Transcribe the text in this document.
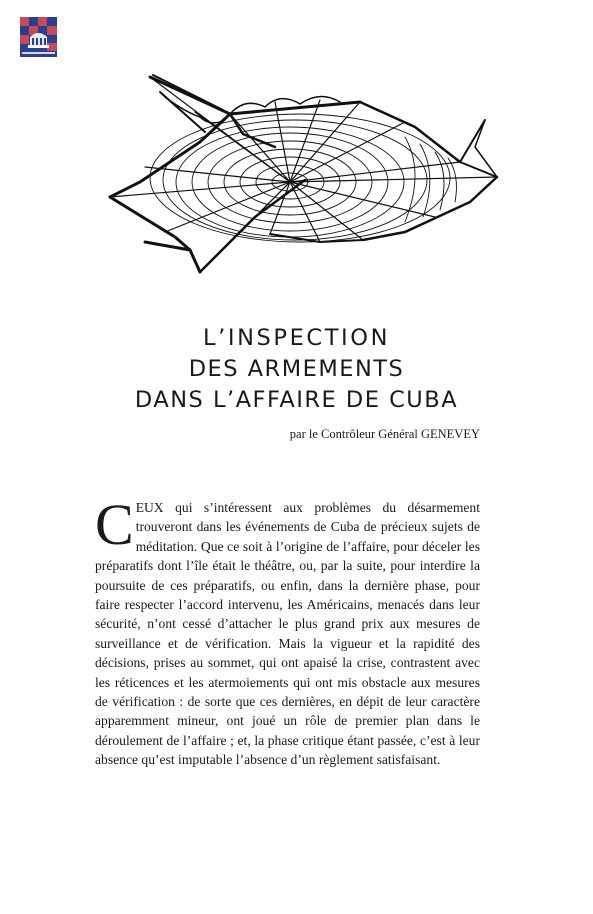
L’INSPECTION
DES ARMEMENTS
DANS L’AFFAIRE DE CUBA
par le Contrôleur Général GENEVEY

CEUX qui s’intéressent aux problèmes du désarmement trouveront dans les événements de Cuba de précieux sujets de méditation. Que ce soit à l’origine de l’affaire, pour déceler les préparatifs dont l’île était le théâtre, ou, par la suite, pour interdire la poursuite de ces préparatifs, ou enfin, dans la dernière phase, pour faire respecter l’accord intervenu, les Américains, menacés dans leur sécurité, n’ont cessé d’attacher le plus grand prix aux mesures de surveillance et de vérification. Mais la vigueur et la rapidité des décisions, prises au sommet, qui ont apaisé la crise, contrastent avec les réticences et les atermoiements qui ont mis obstacle aux mesures de vérification : de sorte que ces dernières, en dépit de leur caractère apparemment mineur, ont joué un rôle de premier plan dans le déroulement de l’affaire ; et, la phase critique étant passée, c’est à leur absence qu’est imputable l’absence d’un règlement satisfaisant.
